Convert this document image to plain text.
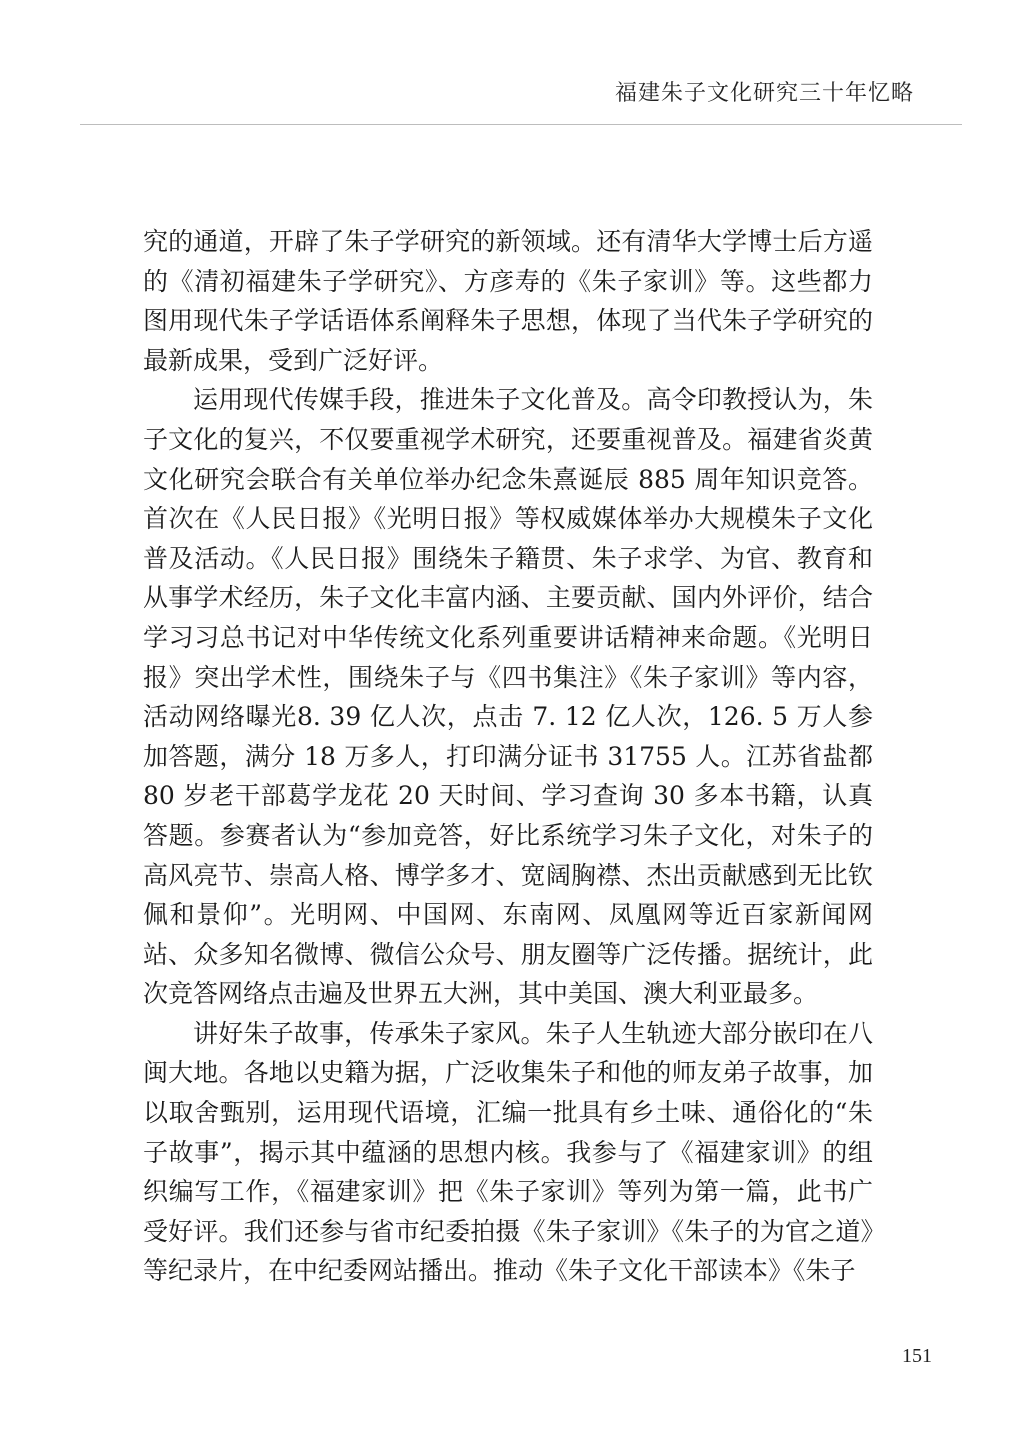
福建朱子文化研究三十年忆略

究的通道，开辟了朱子学研究的新领域。还有清华大学博士后方遥的《清初福建朱子学研究》、方彦寿的《朱子家训》等。这些都力图用现代朱子学话语体系阐释朱子思想，体现了当代朱子学研究的最新成果，受到广泛好评。

运用现代传媒手段，推进朱子文化普及。高令印教授认为，朱子文化的复兴，不仅要重视学术研究，还要重视普及。福建省炎黄文化研究会联合有关单位举办纪念朱熹诞辰 885 周年知识竞答。首次在《人民日报》《光明日报》等权威媒体举办大规模朱子文化普及活动。《人民日报》围绕朱子籍贯、朱子求学、为官、教育和从事学术经历，朱子文化丰富内涵、主要贡献、国内外评价，结合学习习总书记对中华传统文化系列重要讲话精神来命题。《光明日报》突出学术性，围绕朱子与《四书集注》《朱子家训》等内容，活动网络曝光8. 39 亿人次，点击 7. 12 亿人次，126. 5 万人参加答题，满分 18 万多人，打印满分证书 31755 人。江苏省盐都 80 岁老干部葛学龙花 20 天时间、学习查询 30 多本书籍，认真答题。参赛者认为“参加竞答，好比系统学习朱子文化，对朱子的高风亮节、崇高人格、博学多才、宽阔胸襟、杰出贡献感到无比钦佩和景仰”。光明网、中国网、东南网、凤凰网等近百家新闻网站、众多知名微博、微信公众号、朋友圈等广泛传播。据统计，此次竞答网络点击遍及世界五大洲，其中美国、澳大利亚最多。

讲好朱子故事，传承朱子家风。朱子人生轨迹大部分嵌印在八闽大地。各地以史籍为据，广泛收集朱子和他的师友弟子故事，加以取舍甄别，运用现代语境，汇编一批具有乡土味、通俗化的“朱子故事”，揭示其中蕴涵的思想内核。我参与了《福建家训》的组织编写工作，《福建家训》把《朱子家训》等列为第一篇，此书广受好评。我们还参与省市纪委拍摄《朱子家训》《朱子的为官之道》等纪录片，在中纪委网站播出。推动《朱子文化干部读本》《朱子

151
